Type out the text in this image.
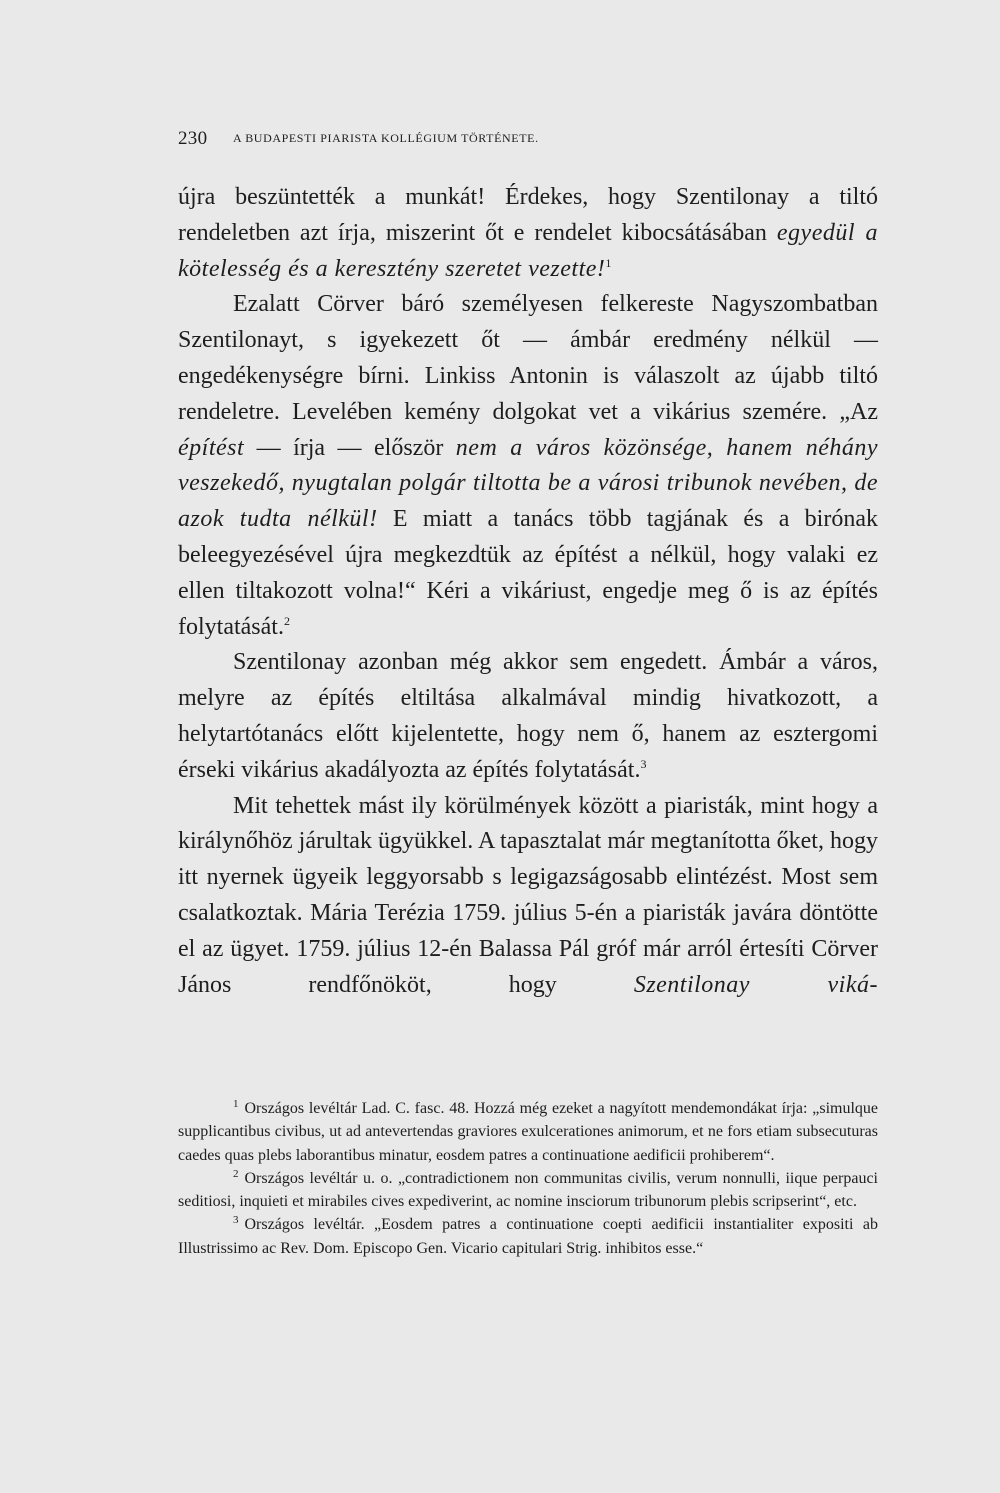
230 A BUDAPESTI PIARISTA KOLLÉGIUM TÖRTÉNETE.

újra beszüntették a munkát! Érdekes, hogy Szentilonay a tiltó rendeletben azt írja, miszerint őt e rendelet kibocsátásában egyedül a kötelesség és a keresztény szeretet vezette!$^1$

Ezalatt Cörver báró személyesen felkereste Nagyszombatban Szentilonayt, s igyekezett őt — ámbár eredmény nélkül — engedékenységre bírni. Linkiss Antonin is válaszolt az újabb tiltó rendeletre. Levelében kemény dolgokat vet a vikárius szemére. „Az építést — írja — először nem a város közönsége, hanem néhány veszekedő, nyugtalan polgár tiltotta be a városi tribunok nevében, de azok tudta nélkül! E miatt a tanács több tagjának és a birónak beleegyezésével újra megkezdtük az építést a nélkül, hogy valaki ez ellen tiltakozott volna!“ Kéri a vikáriust, engedje meg ő is az építés folytatását.$^2$

Szentilonay azonban még akkor sem engedett. Ámbár a város, melyre az építés eltiltása alkalmával mindig hivatkozott, a helytartótanács előtt kijelentette, hogy nem ő, hanem az esztergomi érseki vikárius akadályozta az építés folytatását.$^3$

Mit tehettek mást ily körülmények között a piaristák, mint hogy a királynőhöz járultak ügyükkel. A tapasztalat már megtanította őket, hogy itt nyernek ügyeik leggyorsabb s legigazságosabb elintézést. Most sem csalatkoztak. Mária Terézia 1759. július 5-én a piaristák javára döntötte el az ügyet. 1759. július 12-én Balassa Pál gróf már arról értesíti Cörver János rendfőnököt, hogy Szentilonay viká-

$^1$ Országos levéltár Lad. C. fasc. 48. Hozzá még ezeket a nagyított mendemondákat írja: „simulque supplicantibus civibus, ut ad antevertendas graviores exulcerationes animorum, et ne fors etiam subsecuturas caedes quas plebs laborantibus minatur, eosdem patres a continuatione aedificii prohiberem“.

$^2$ Országos levéltár u. o. „contradictionem non communitas civilis, verum nonnulli, iique perpauci seditiosi, inquieti et mirabiles cives expediverint, ac nomine insciorum tribunorum plebis scripserint“, etc.

$^3$ Országos levéltár. „Eosdem patres a continuatione coepti aedificii instantialiter expositi ab Illustrissimo ac Rev. Dom. Episcopo Gen. Vicario capitulari Strig. inhibitos esse.“
